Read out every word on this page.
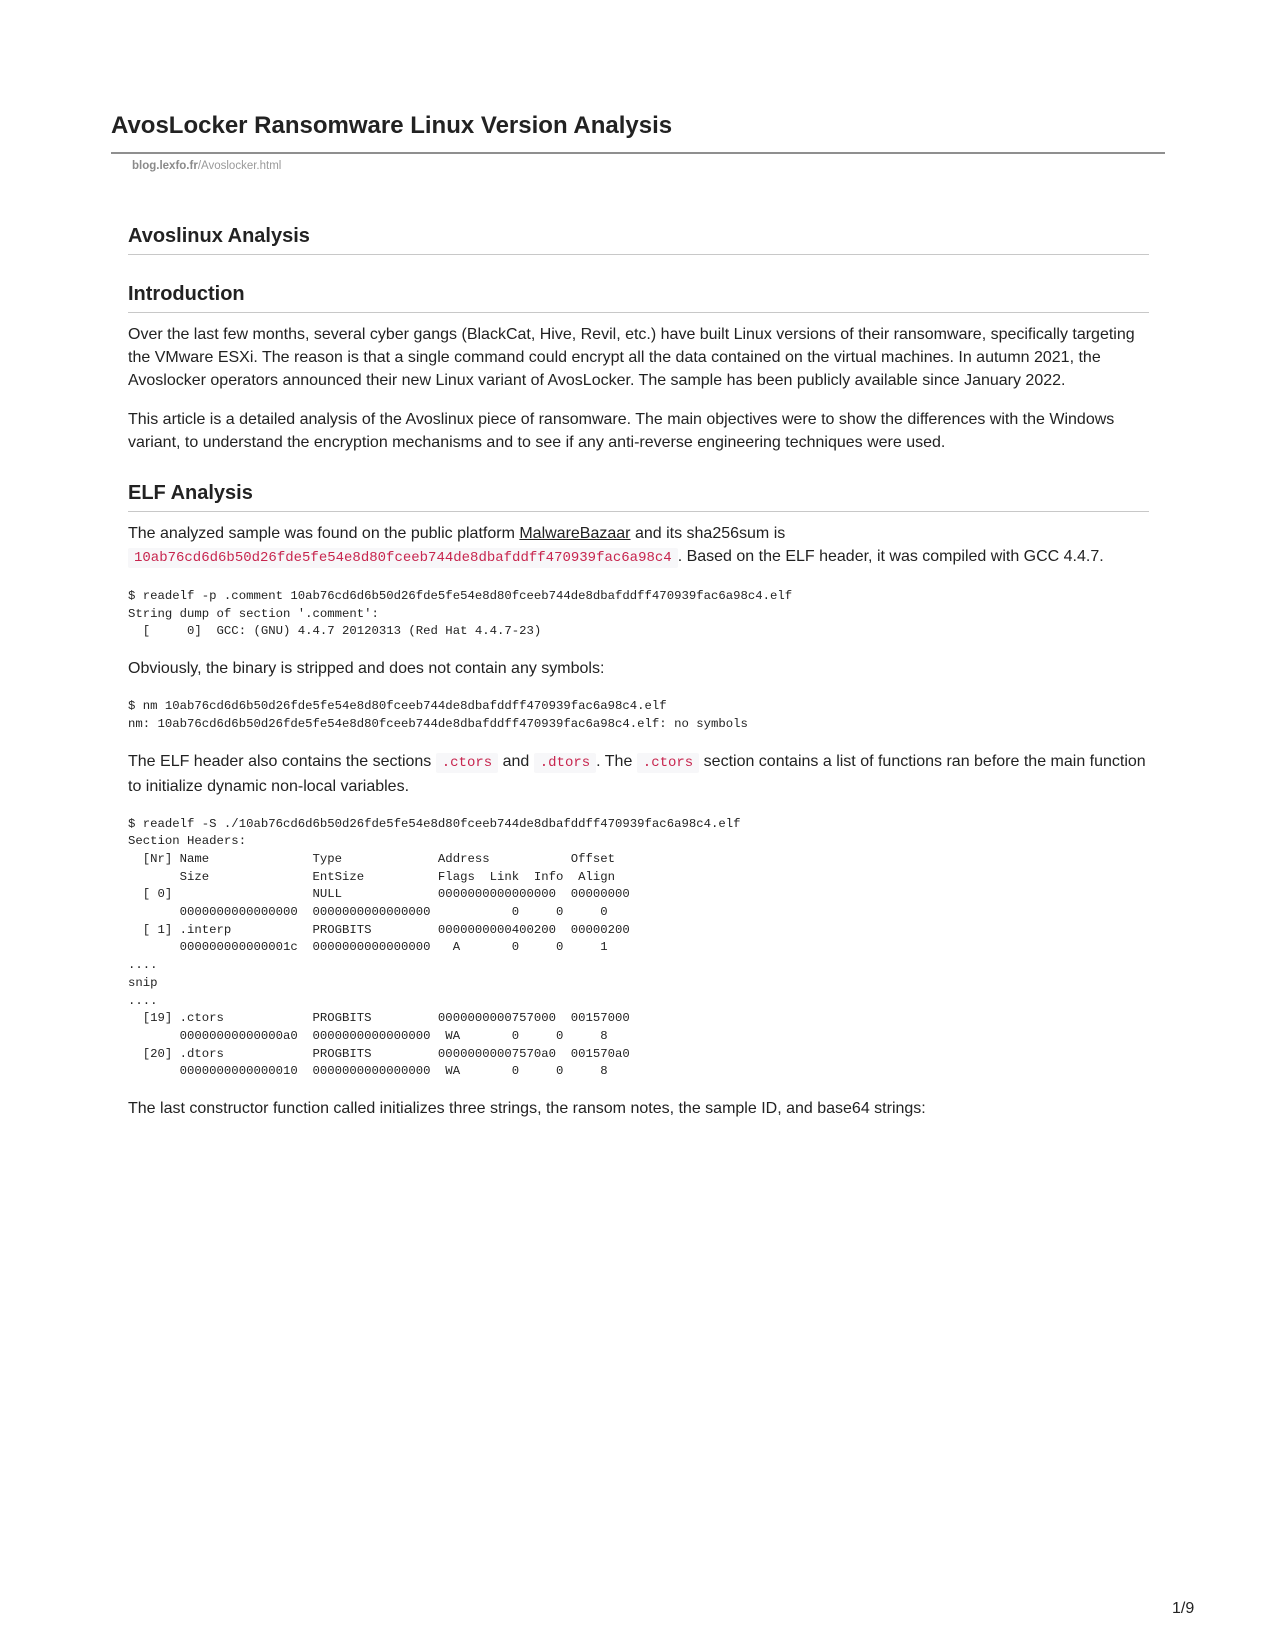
AvosLocker Ransomware Linux Version Analysis
blog.lexfo.fr/Avoslocker.html
Avoslinux Analysis
Introduction

Over the last few months, several cyber gangs (BlackCat, Hive, Revil, etc.) have built Linux versions of their ransomware, specifically targeting the VMware ESXi. The reason is that a single command could encrypt all the data contained on the virtual machines. In autumn 2021, the Avoslocker operators announced their new Linux variant of AvosLocker. The sample has been publicly available since January 2022.

This article is a detailed analysis of the Avoslinux piece of ransomware. The main objectives were to show the differences with the Windows variant, to understand the encryption mechanisms and to see if any anti-reverse engineering techniques were used.

ELF Analysis

The analyzed sample was found on the public platform MalwareBazaar and its sha256sum is
10ab76cd6d6b50d26fde5fe54e8d80fceeb744de8dbafddff470939fac6a98c4 . Based on the ELF header, it was compiled with GCC 4.4.7.

$ readelf -p .comment 10ab76cd6d6b50d26fde5fe54e8d80fceeb744de8dbafddff470939fac6a98c4.elf
String dump of section '.comment':
[     0]  GCC: (GNU) 4.4.7 20120313 (Red Hat 4.4.7-23)

Obviously, the binary is stripped and does not contain any symbols:

$ nm 10ab76cd6d6b50d26fde5fe54e8d80fceeb744de8dbafddff470939fac6a98c4.elf
nm: 10ab76cd6d6b50d26fde5fe54e8d80fceeb744de8dbafddff470939fac6a98c4.elf: no symbols

The ELF header also contains the sections .ctors and .dtors . The .ctors section contains a list of functions ran before the main function to initialize dynamic non-local variables.

$ readelf -S ./10ab76cd6d6b50d26fde5fe54e8d80fceeb744de8dbafddff470939fac6a98c4.elf
Section Headers:
[Nr] Name              Type             Address           Offset
Size              EntSize          Flags  Link  Info  Align
[ 0]                   NULL             0000000000000000  00000000
0000000000000000  0000000000000000           0     0     0
[ 1] .interp           PROGBITS         0000000000400200  00000200
000000000000001c  0000000000000000   A       0     0     1
....
snip
....
[19] .ctors            PROGBITS         0000000000757000  00157000
00000000000000a0  0000000000000000  WA       0     0     8
[20] .dtors            PROGBITS         00000000007570a0  001570a0
0000000000000010  0000000000000000  WA       0     0     8

The last constructor function called initializes three strings, the ransom notes, the sample ID, and base64 strings:

1/9
